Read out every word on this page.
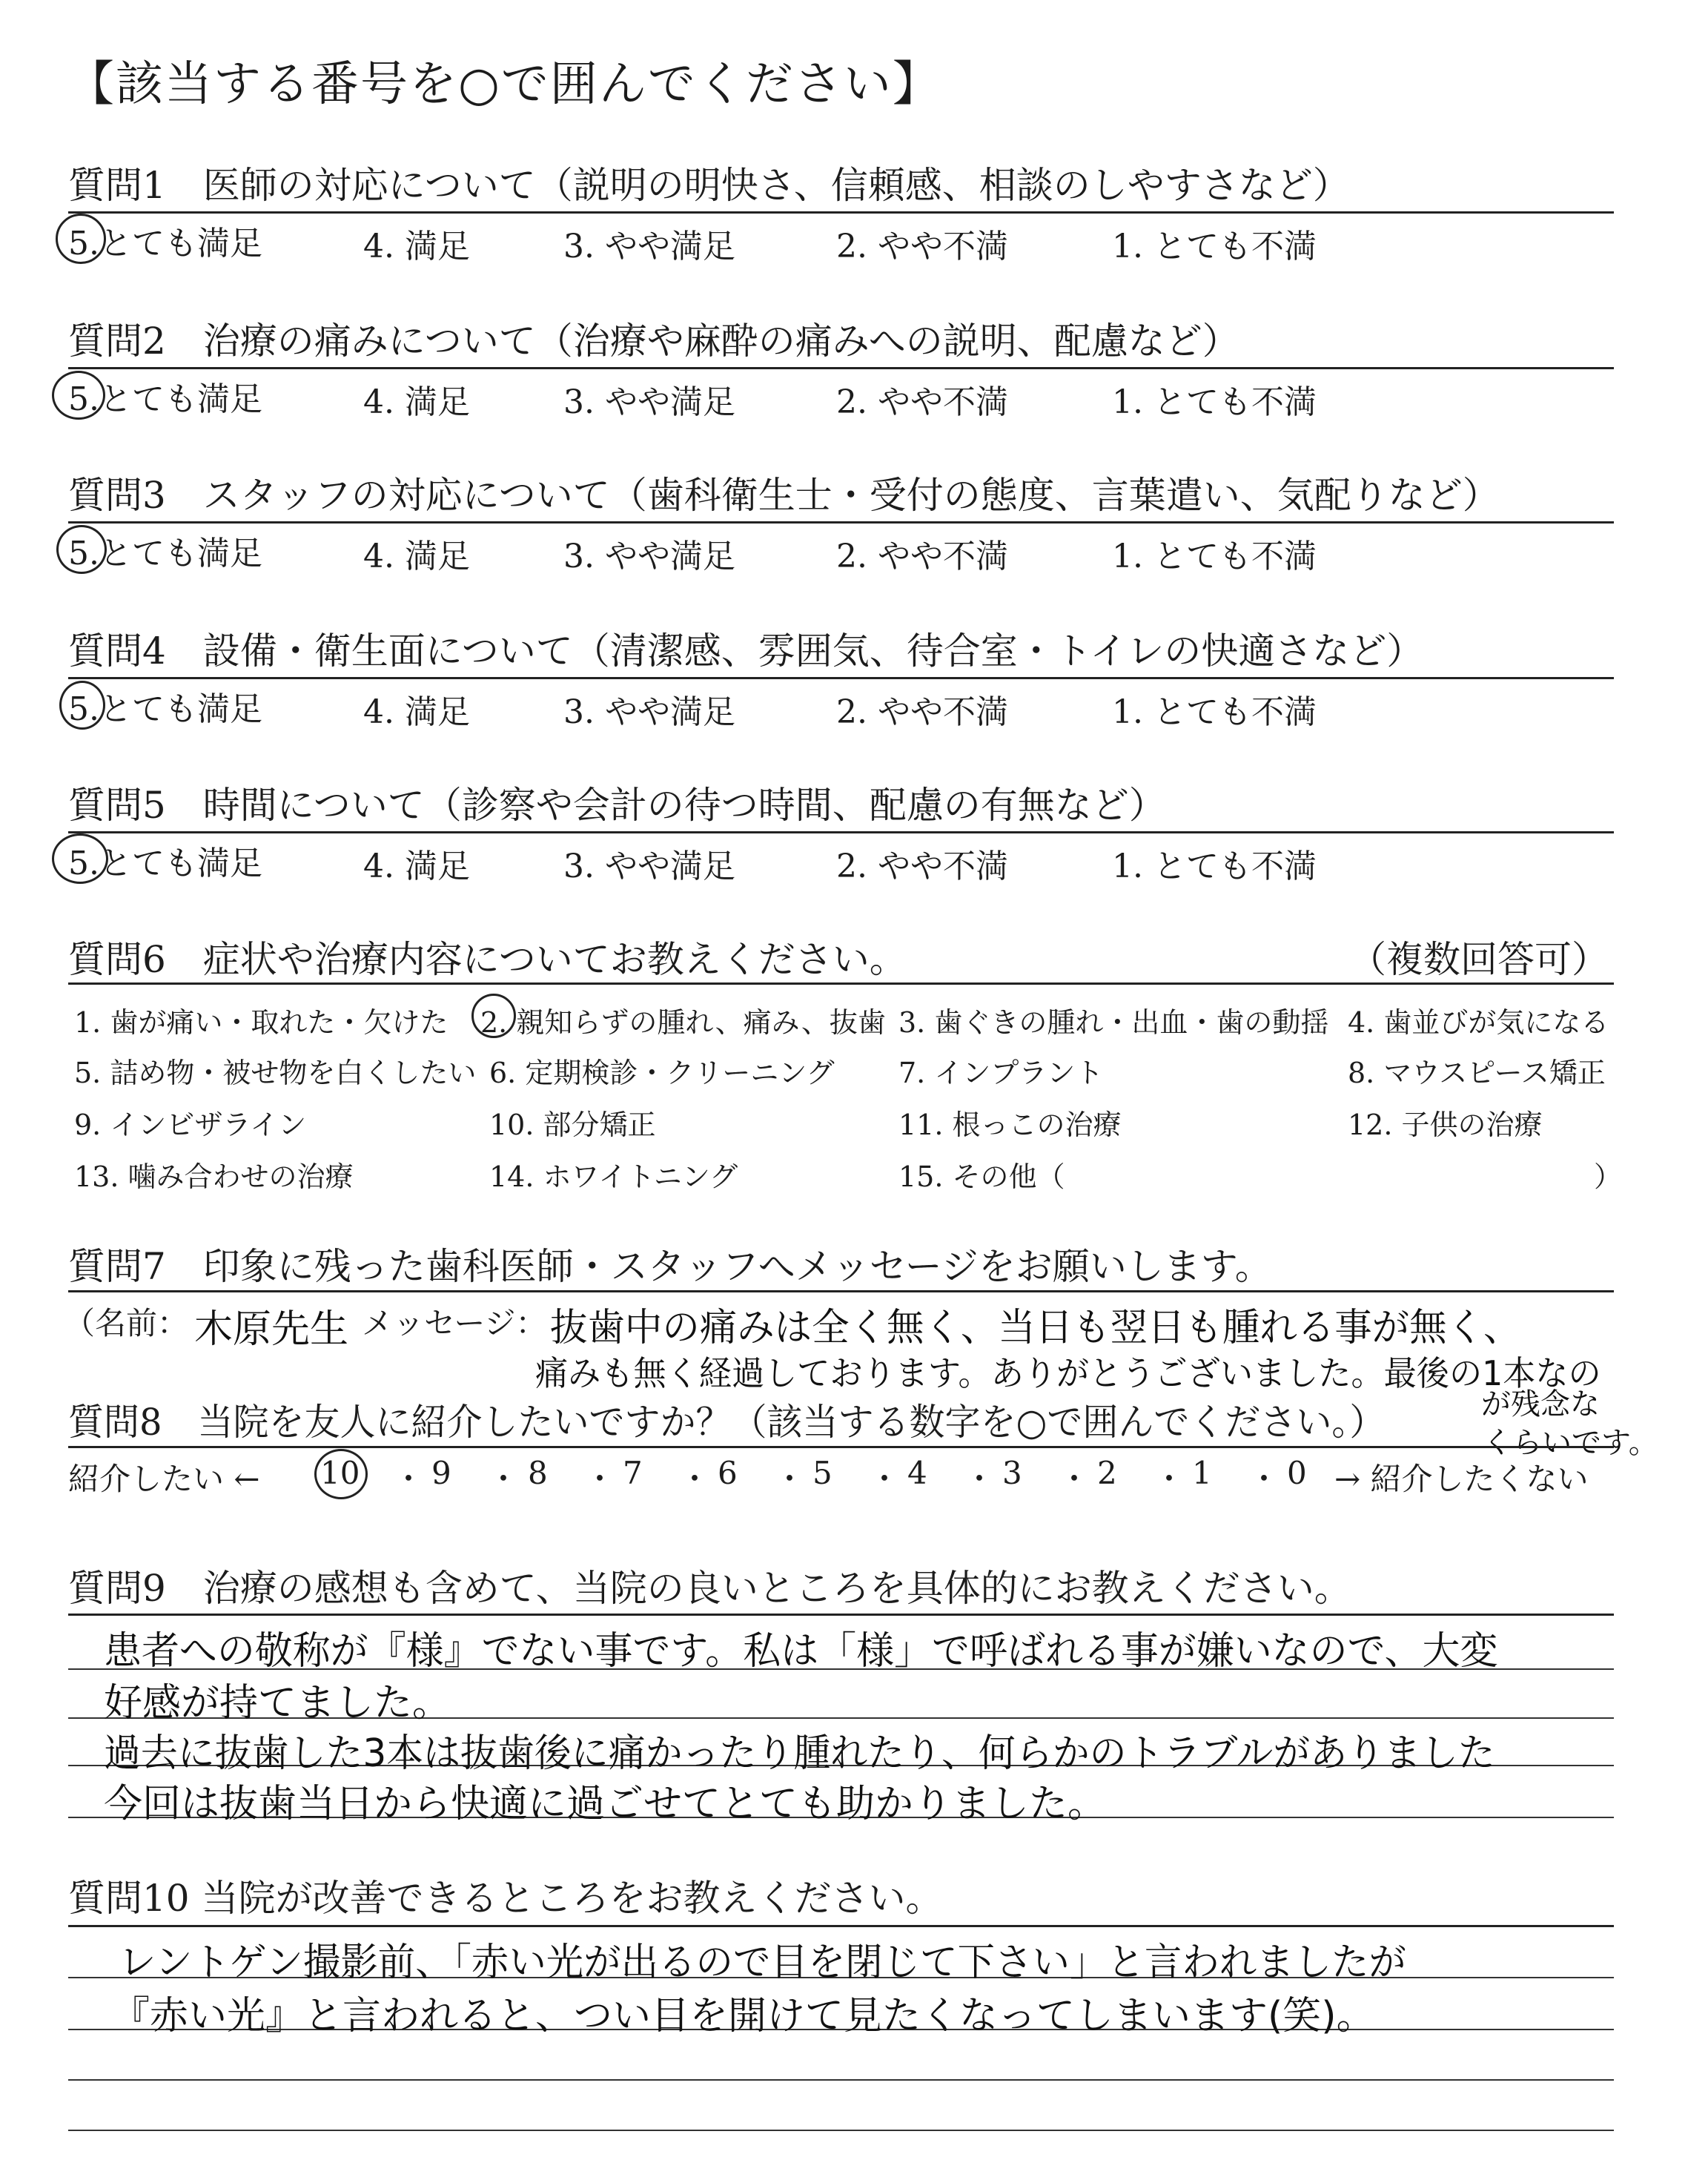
【該当する番号を○で囲んでください】
質問1　医師の対応について（説明の明快さ、信頼感、相談のしやすさなど）
5.とても満足	4. 満足	3. やや満足	2. やや不満	1. とても不満
質問2　治療の痛みについて（治療や麻酔の痛みへの説明、配慮など）
5.とても満足	4. 満足	3. やや満足	2. やや不満	1. とても不満
質問3　スタッフの対応について（歯科衛生士・受付の態度、言葉遣い、気配りなど）
5.とても満足	4. 満足	3. やや満足	2. やや不満	1. とても不満
質問4　設備・衛生面について（清潔感、雰囲気、待合室・トイレの快適さなど）
5.とても満足	4. 満足	3. やや満足	2. やや不満	1. とても不満
質問5　時間について（診察や会計の待つ時間、配慮の有無など）
5.とても満足	4. 満足	3. やや満足	2. やや不満	1. とても不満
質問6　症状や治療内容についてお教えください。	（複数回答可）
1. 歯が痛い・取れた・欠けた 2. 親知らずの腫れ、痛み、抜歯 3. 歯ぐきの腫れ・出血・歯の動揺 4. 歯並びが気になる
5. 詰め物・被せ物を白くしたい 6. 定期検診・クリーニング 7. インプラント	8. マウスピース矯正
9. インビザライン	10. 部分矯正	11. 根っこの治療	12. 子供の治療
13. 噛み合わせの治療	14. ホワイトニング	15. その他（	）
質問7　印象に残った歯科医師・スタッフへメッセージをお願いします。
（名前： 木原先生 メッセージ： 抜歯中の痛みは全く無く、当日も翌日も腫れる事が無く、
痛みも無く経過しております。ありがとうございました。最後の1本なの
が残念な
くらいです。
質問8　当院を友人に紹介したいですか？（該当する数字を○で囲んでください。）
紹介したい ← 10 ・ 9 ・ 8 ・ 7 ・ 6 ・ 5 ・ 4 ・ 3 ・ 2 ・ 1 ・ 0 → 紹介したくない
質問9　治療の感想も含めて、当院の良いところを具体的にお教えください。
患者への敬称が『様』でない事です。私は「様」で呼ばれる事が嫌いなので、大変
好感が持てました。
過去に抜歯した3本は抜歯後に痛かったり腫れたり、何らかのトラブルがありました
今回は抜歯当日から快適に過ごせてとても助かりました。
質問10 当院が改善できるところをお教えください。
レントゲン撮影前、「赤い光が出るので目を閉じて下さい」と言われましたが
『赤い光』と言われると、つい目を開けて見たくなってしまいます(笑)。
